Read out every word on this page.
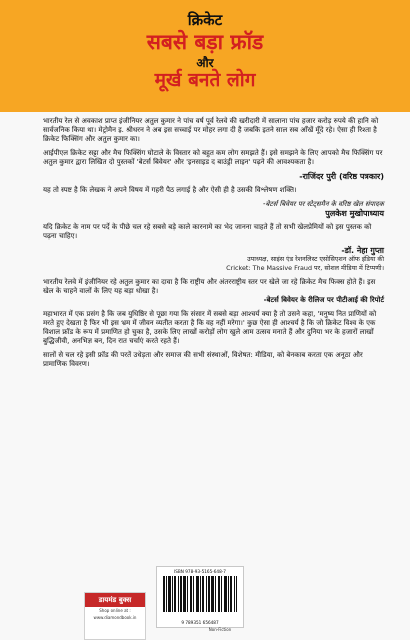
क्रिकेट
सबसे बड़ा फ्रॉड
और
मूर्ख बनते लोग

भारतीय रेल से अवकाश प्राप्त इंजीनियर अतुल कुमार ने पांच वर्ष पूर्व रेलवे की खरीदारी में सालाना पांच हजार करोड़ रुपये की हानि को सार्वजनिक किया था। मेट्रोमैन इ. श्रीधरन ने अब इस सच्चाई पर मोहर लगा दी है जबकि इतने साल सब आँखें मूँदे रहे। ऐसा ही रिश्ता है क्रिकेट फिक्सिंग और अतुल कुमार का।

आईपीएल क्रिकेट सट्टा और मैच फिक्सिंग घोटाले के विस्तार को बहुत कम लोग समझते हैं। इसे समझने के लिए आपको मैच फिक्सिंग पर अतुल कुमार द्वारा लिखित दो पुस्तकों 'बेटर्स बिवेयर' और 'इनसाइड द बाउंड्री लाइन' पढ़ने की आवश्यकता है।

-राजिंदर पुरी (वरिष्ठ पत्रकार)

यह तो स्पष्ट है कि लेखक ने अपने विषय में गहरी पैठ लगाई है और ऐसी ही है उसकी विश्लेषण शक्ति।

-बेटर्स बिवेयर पर स्टेट्समैन के वरिष्ठ खेल संपादक

पुलकेश मुखोपाध्याय

यदि क्रिकेट के नाम पर पर्दे के पीछे चल रहे सबसे बड़े काले कारनामे का भेद जानना चाहते हैं तो सभी खेलप्रेमियों को इस पुस्तक को पढ़ना चाहिए।

-डॉ. नेहा गुप्ता

उपाध्यक्ष, साइंस एंड रेशनलिस्ट एसोसिएशन ऑफ इंडिया की

Cricket: The Massive Fraud पर, सोशल मीडिया में टिप्पणी।

भारतीय रेलवे में इंजीनियर रहे अतुल कुमार का दावा है कि राष्ट्रीय और अंतरराष्ट्रीय स्तर पर खेले जा रहे क्रिकेट मैच फिक्स होते हैं। इस खेल के चाहने वालों के लिए यह बड़ा धोखा है।

-बेटर्स बिवेयर के रीलिज पर पीटीआई की रिपोर्ट

महाभारत में एक प्रसंग है कि जब युधिष्ठिर से पूछा गया कि संसार में सबसे बड़ा आश्चर्य क्या है तो उसने कहा, 'मनुष्य नित प्राणियों को मरते हुए देखता है फिर भी इस भ्रम में जीवन व्यतीत करता है कि वह नहीं मरेगा।' कुछ ऐसा ही आश्चर्य है कि जो क्रिकेट विश्व के एक विशाल फ्रॉड के रूप में प्रमाणित हो चुका है, उसके लिए लाखों करोड़ों लोग खुले आम उत्सव मनाते हैं और दुनिया भर के हजारों लाखों बुद्धिजीवी, अनभिज्ञ बन, दिन रात चर्चाएं करते रहते हैं।

सालों से चल रहे इसी फ्रॉड की परतें उधेड़ता और समाज की सभी संस्थाओं, विशेषत: मीडिया, को बेनकाब करता एक अनूठा और प्रामाणिक विवरण।

डायमंड बुक्स
Shop online at : www.diamondbook.in
ISBN 978-93-5165-648-7
9 789351 656487
Non-Fiction
